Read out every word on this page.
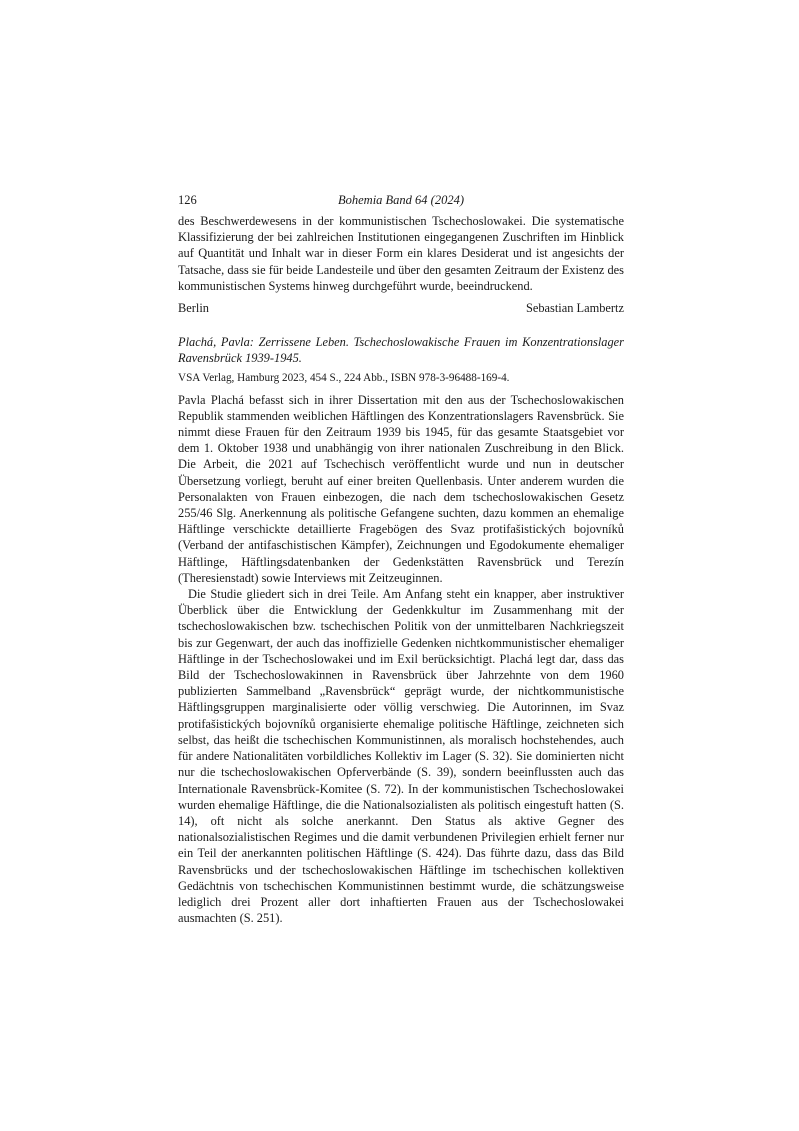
126	Bohemia Band 64 (2024)

des Beschwerdewesens in der kommunistischen Tschechoslowakei. Die systematische Klassifizierung der bei zahlreichen Institutionen eingegangenen Zuschriften im Hinblick auf Quantität und Inhalt war in dieser Form ein klares Desiderat und ist angesichts der Tatsache, dass sie für beide Landesteile und über den gesamten Zeitraum der Existenz des kommunistischen Systems hinweg durchgeführt wurde, beeindruckend.

Berlin	Sebastian Lambertz

Plachá, Pavla: Zerrissene Leben. Tschechoslowakische Frauen im Konzentrationslager Ravensbrück 1939-1945.

VSA Verlag, Hamburg 2023, 454 S., 224 Abb., ISBN 978-3-96488-169-4.

Pavla Plachá befasst sich in ihrer Dissertation mit den aus der Tschechoslowakischen Republik stammenden weiblichen Häftlingen des Konzentrationslagers Ravensbrück. Sie nimmt diese Frauen für den Zeitraum 1939 bis 1945, für das gesamte Staatsgebiet vor dem 1. Oktober 1938 und unabhängig von ihrer nationalen Zuschreibung in den Blick. Die Arbeit, die 2021 auf Tschechisch veröffentlicht wurde und nun in deutscher Übersetzung vorliegt, beruht auf einer breiten Quellenbasis. Unter anderem wurden die Personalakten von Frauen einbezogen, die nach dem tschechoslowakischen Gesetz 255/46 Slg. Anerkennung als politische Gefangene suchten, dazu kommen an ehemalige Häftlinge verschickte detaillierte Fragebögen des Svaz protifašistických bojovníků (Verband der antifaschistischen Kämpfer), Zeichnungen und Egodokumente ehemaliger Häftlinge, Häftlingsdatenbanken der Gedenkstätten Ravensbrück und Terezín (Theresienstadt) sowie Interviews mit Zeitzeuginnen.

Die Studie gliedert sich in drei Teile. Am Anfang steht ein knapper, aber instruktiver Überblick über die Entwicklung der Gedenkkultur im Zusammenhang mit der tschechoslowakischen bzw. tschechischen Politik von der unmittelbaren Nachkriegszeit bis zur Gegenwart, der auch das inoffizielle Gedenken nichtkommunistischer ehemaliger Häftlinge in der Tschechoslowakei und im Exil berücksichtigt. Plachá legt dar, dass das Bild der Tschechoslowakinnen in Ravensbrück über Jahrzehnte von dem 1960 publizierten Sammelband „Ravensbrück“ geprägt wurde, der nichtkommunistische Häftlingsgruppen marginalisierte oder völlig verschwieg. Die Autorinnen, im Svaz protifašistických bojovníků organisierte ehemalige politische Häftlinge, zeichneten sich selbst, das heißt die tschechischen Kommunistinnen, als moralisch hochstehendes, auch für andere Nationalitäten vorbildliches Kollektiv im Lager (S. 32). Sie dominierten nicht nur die tschechoslowakischen Opferverbände (S. 39), sondern beeinflussten auch das Internationale Ravensbrück-Komitee (S. 72). In der kommunistischen Tschechoslowakei wurden ehemalige Häftlinge, die die Nationalsozialisten als politisch eingestuft hatten (S. 14), oft nicht als solche anerkannt. Den Status als aktive Gegner des nationalsozialistischen Regimes und die damit verbundenen Privilegien erhielt ferner nur ein Teil der anerkannten politischen Häftlinge (S. 424). Das führte dazu, dass das Bild Ravensbrücks und der tschechoslowakischen Häftlinge im tschechischen kollektiven Gedächtnis von tschechischen Kommunistinnen bestimmt wurde, die schätzungsweise lediglich drei Prozent aller dort inhaftierten Frauen aus der Tschechoslowakei ausmachten (S. 251).
